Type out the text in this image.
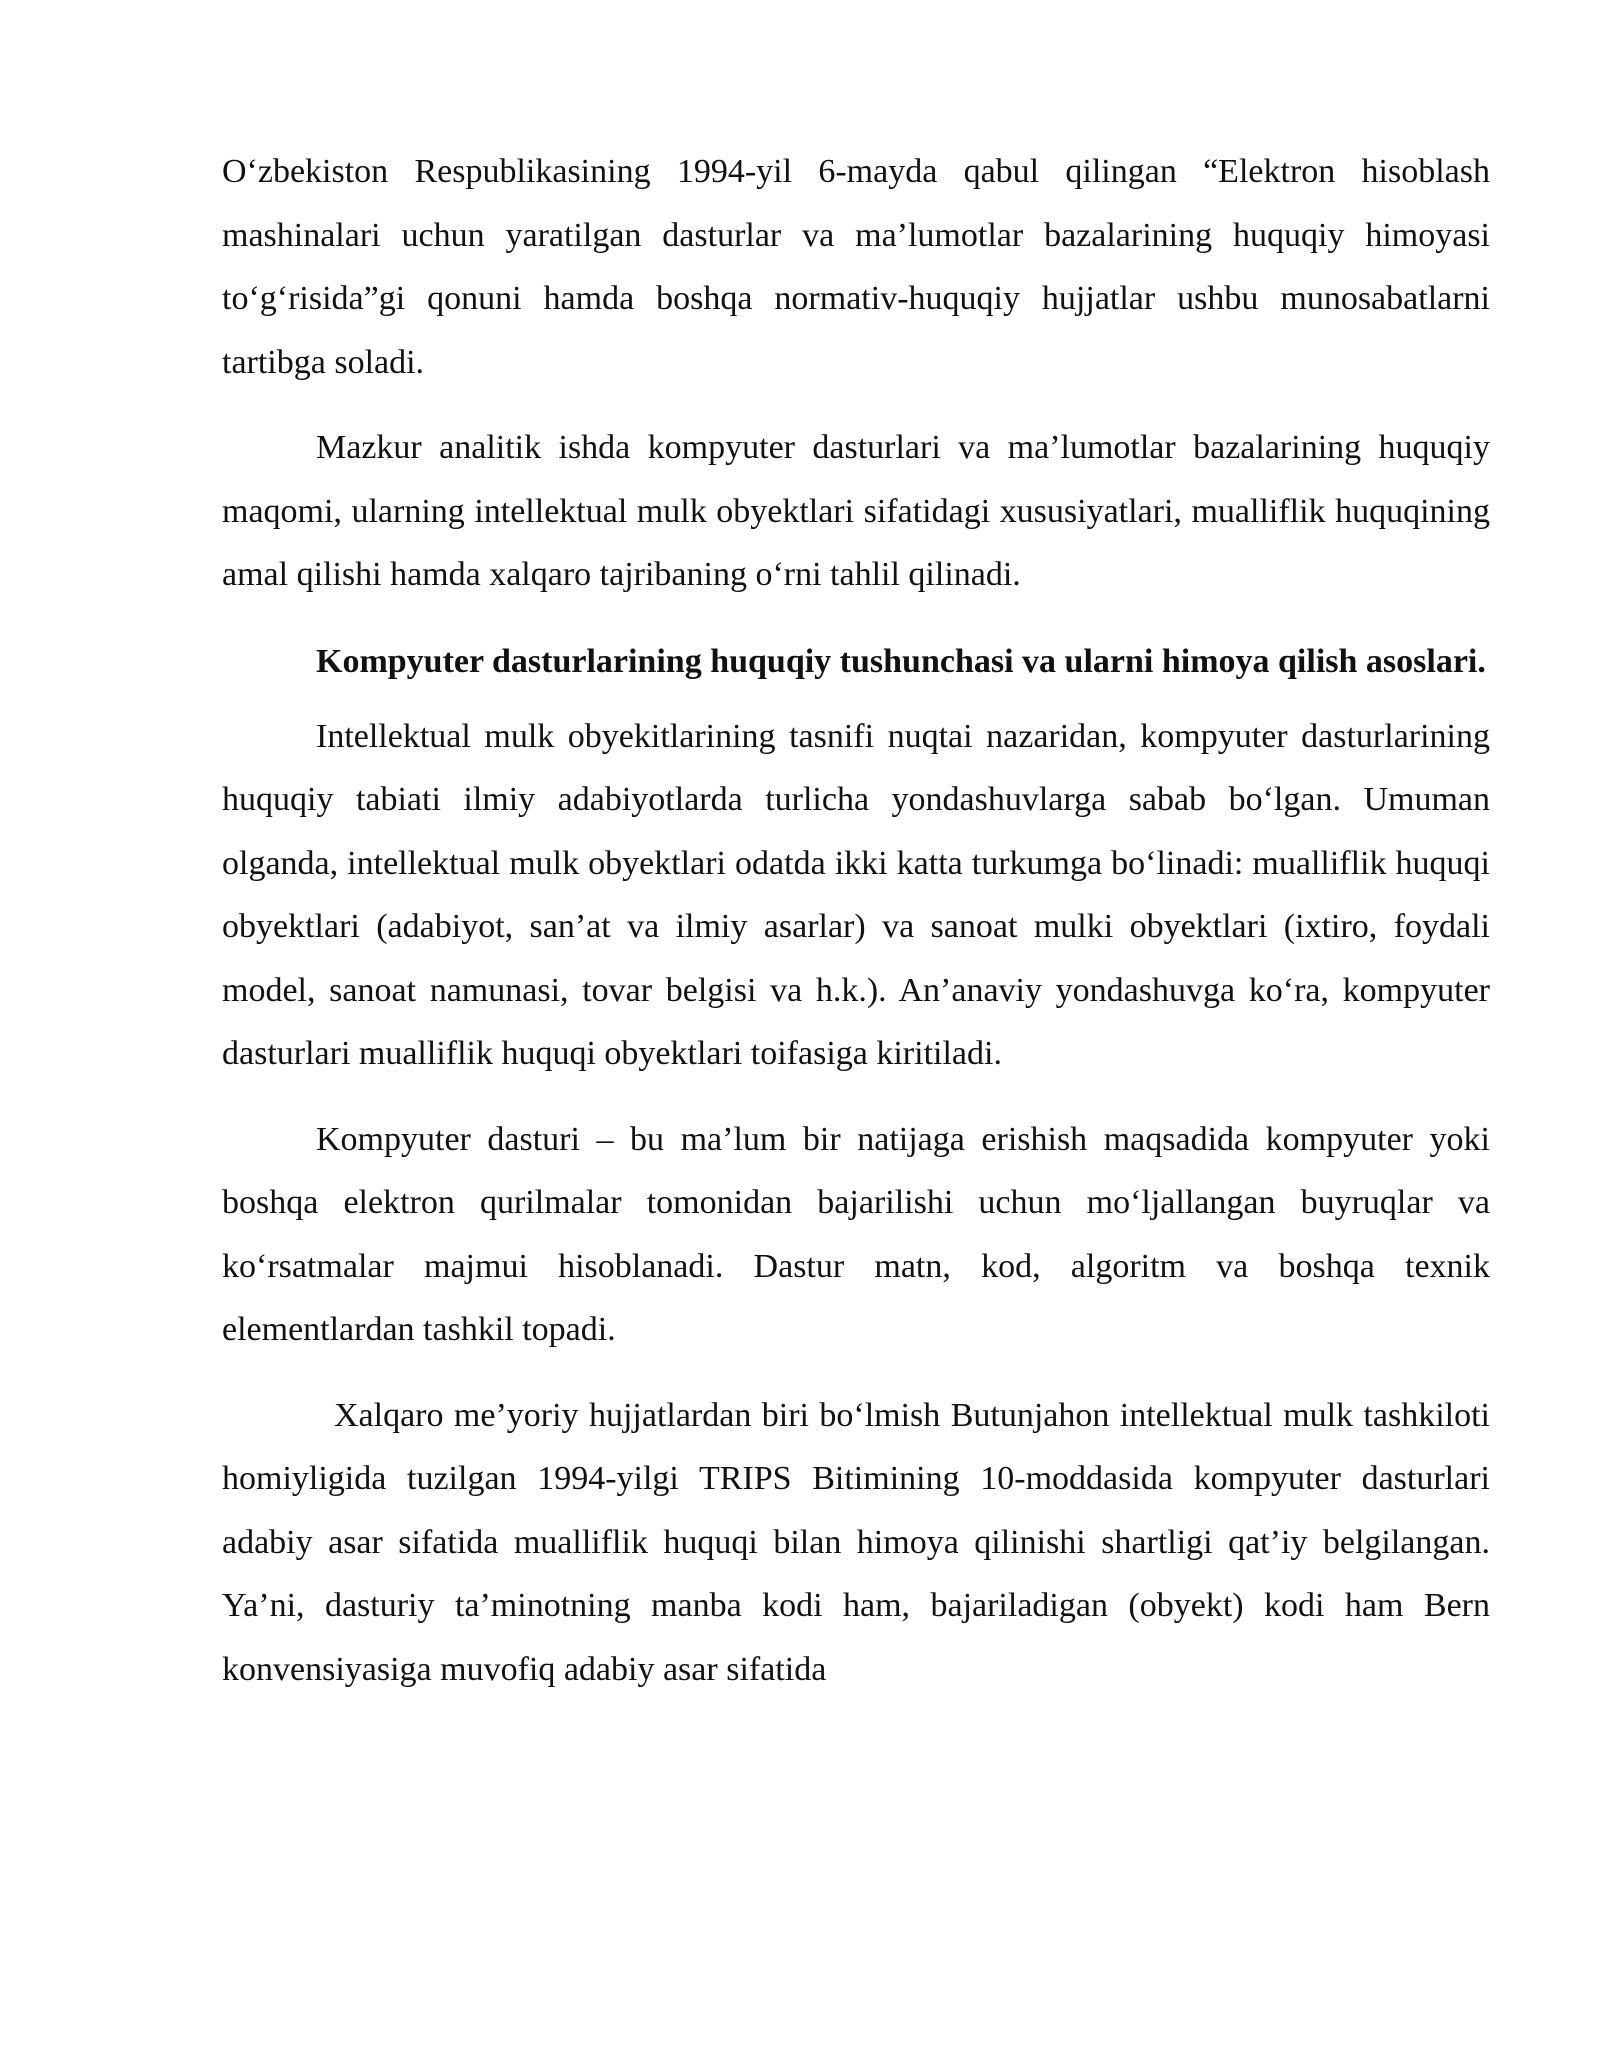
O‘zbekiston Respublikasining 1994-yil 6-mayda qabul qilingan “Elektron hisoblash mashinalari uchun yaratilgan dasturlar va ma’lumotlar bazalarining huquqiy himoyasi to‘g‘risida”gi qonuni hamda boshqa normativ-huquqiy hujjatlar ushbu munosabatlarni tartibga soladi.

Mazkur analitik ishda kompyuter dasturlari va ma’lumotlar bazalarining huquqiy maqomi, ularning intellektual mulk obyektlari sifatidagi xususiyatlari, mualliflik huquqining amal qilishi hamda xalqaro tajribaning o‘rni tahlil qilinadi.

Kompyuter dasturlarining huquqiy tushunchasi va ularni himoya qilish asoslari.

Intellektual mulk obyekitlarining tasnifi nuqtai nazaridan, kompyuter dasturlarining huquqiy tabiati ilmiy adabiyotlarda turlicha yondashuvlarga sabab bo‘lgan. Umuman olganda, intellektual mulk obyektlari odatda ikki katta turkumga bo‘linadi: mualliflik huquqi obyektlari (adabiyot, san’at va ilmiy asarlar) va sanoat mulki obyektlari (ixtiro, foydali model, sanoat namunasi, tovar belgisi va h.k.). An’anaviy yondashuvga ko‘ra, kompyuter dasturlari mualliflik huquqi obyektlari toifasiga kiritiladi.

Kompyuter dasturi – bu ma’lum bir natijaga erishish maqsadida kompyuter yoki boshqa elektron qurilmalar tomonidan bajarilishi uchun mo‘ljallangan buyruqlar va ko‘rsatmalar majmui hisoblanadi. Dastur matn, kod, algoritm va boshqa texnik elementlardan tashkil topadi.

Xalqaro me’yoriy hujjatlardan biri bo‘lmish Butunjahon intellektual mulk tashkiloti homiyligida tuzilgan 1994-yilgi TRIPS Bitimining 10-moddasida kompyuter dasturlari adabiy asar sifatida mualliflik huquqi bilan himoya qilinishi shartligi qat’iy belgilangan. Ya’ni, dasturiy ta’minotning manba kodi ham, bajariladigan (obyekt) kodi ham Bern konvensiyasiga muvofiq adabiy asar sifatida
